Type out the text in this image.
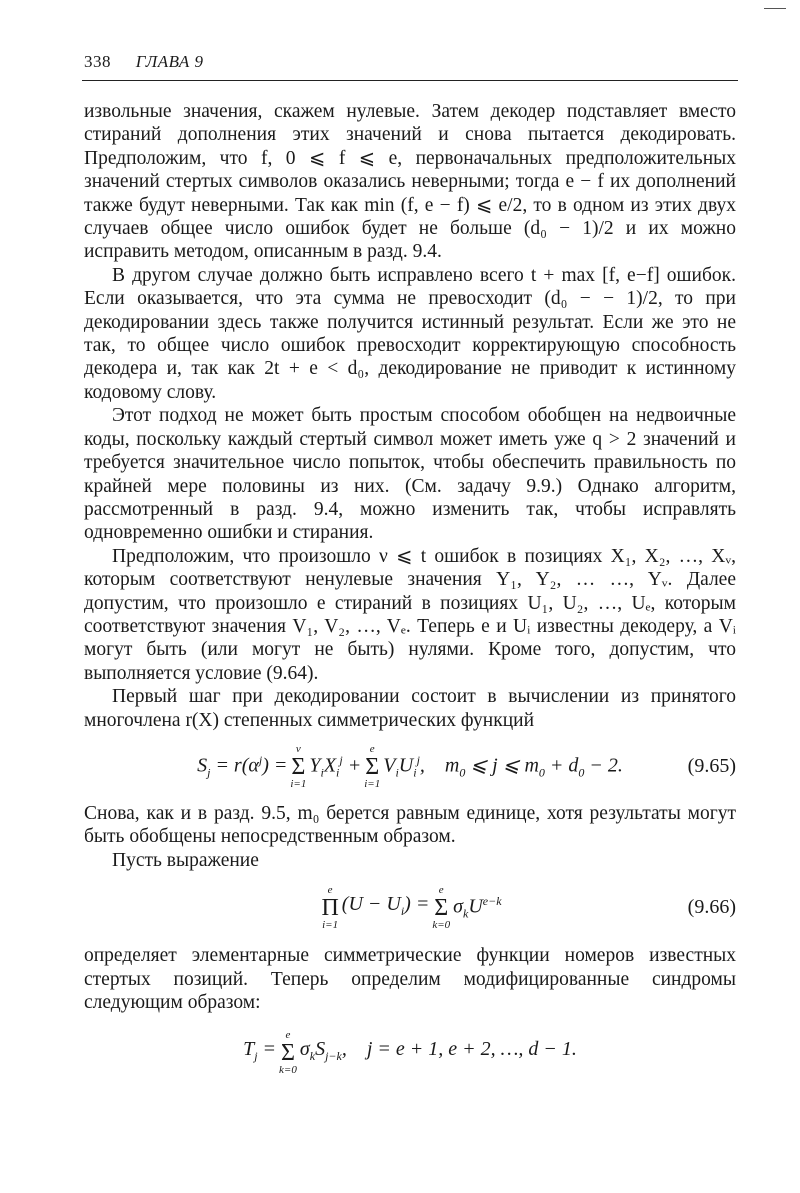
338 ГЛАВА 9

извольные значения, скажем нулевые. Затем декодер подставляет вместо стираний дополнения этих значений и снова пытается декодировать. Предположим, что f, 0 ⩽ f ⩽ e, первоначальных предположительных значений стертых символов оказались неверными; тогда e − f их дополнений также будут неверными. Так как min (f, e − f) ⩽ e/2, то в одном из этих двух случаев общее число ошибок будет не больше (d₀ − 1)/2 и их можно исправить методом, описанным в разд. 9.4.

В другом случае должно быть исправлено всего t + max [f, e−f] ошибок. Если оказывается, что эта сумма не превосходит (d₀ − − 1)/2, то при декодировании здесь также получится истинный результат. Если же это не так, то общее число ошибок превосходит корректирующую способность декодера и, так как 2t + e < d₀, декодирование не приводит к истинному кодовому слову.

Этот подход не может быть простым способом обобщен на недвоичные коды, поскольку каждый стертый символ может иметь уже q > 2 значений и требуется значительное число попыток, чтобы обеспечить правильность по крайней мере половины из них. (См. задачу 9.9.) Однако алгоритм, рассмотренный в разд. 9.4, можно изменить так, чтобы исправлять одновременно ошибки и стирания.

Предположим, что произошло ν ⩽ t ошибок в позициях X₁, X₂, …, Xᵥ, которым соответствуют ненулевые значения Y₁, Y₂, … …, Yᵥ. Далее допустим, что произошло e стираний в позициях U₁, U₂, …, Uₑ, которым соответствуют значения V₁, V₂, …, Vₑ. Теперь e и Uᵢ известны декодеру, а Vᵢ могут быть (или могут не быть) нулями. Кроме того, допустим, что выполняется условие (9.64).

Первый шаг при декодировании состоит в вычислении из принятого многочлена r(X) степенных симметрических функций

$S_j = r(\alpha^j)$ =
ν
Σ
i=1
$Y_iX_i^j$ +
e
Σ
i=1
$V_iU_i^j$,    $m_0$ ⩽ j ⩽ $m_0 + d_0 - 2$.	(9.65)

Снова, как и в разд. 9.5, m₀ берется равным единице, хотя результаты могут быть обобщены непосредственным образом.

Пусть выражение

e
Π
i=1
$(U - U_i)$ =
e
Σ
k=0
$\sigma_kU^{e-k}$	(9.66)

определяет элементарные симметрические функции номеров известных стертых позиций. Теперь определим модифицированные синдромы следующим образом:

$T_j$ =
e
Σ
k=0
$\sigma_kS_{j-k}$,    j = e + 1, e + 2, …, d − 1.
